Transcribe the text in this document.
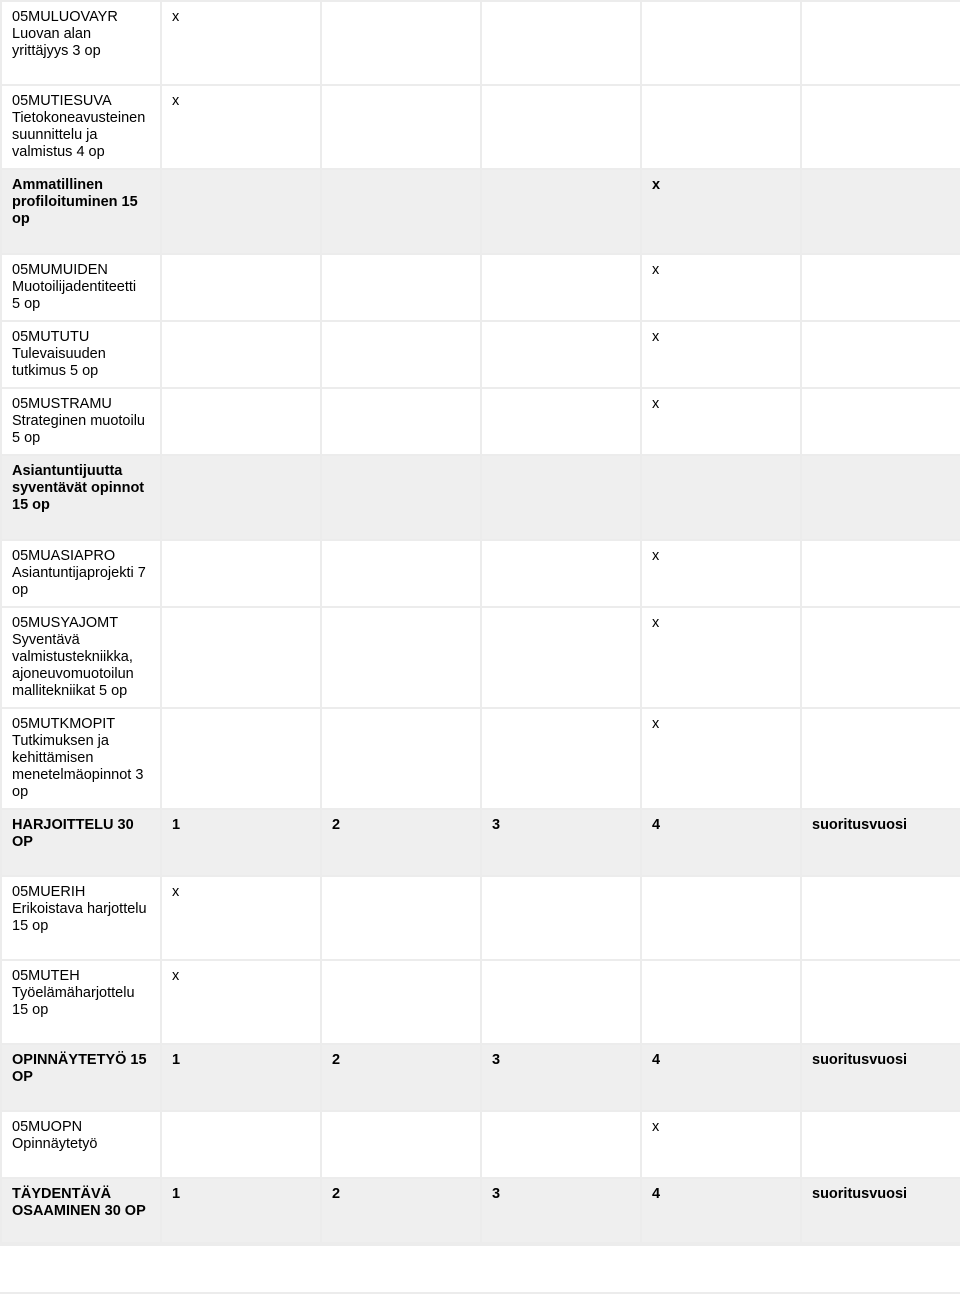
05MULUOVAYR
Luovan alan
yrittäjyys 3 op	x				

05MUTIESUVA
Tietokoneavusteinen
suunnittelu ja
valmistus 4 op	x				

Ammatillinen
profiloituminen 15
op				x	

05MUMUIDEN
Muotoilijadentiteetti
5 op				x	

05MUTUTU
Tulevaisuuden
tutkimus 5 op				x	

05MUSTRAMU
Strateginen muotoilu
5 op				x	

Asiantuntijuutta
syventävät opinnot
15 op					

05MUASIAPRO
Asiantuntijaprojekti 7
op				x	

05MUSYAJOMT
Syventävä
valmistustekniikka,
ajoneuvomuotoilun
mallitekniikat 5 op				x	

05MUTKMOPIT
Tutkimuksen ja
kehittämisen
menetelmäopinnot 3
op				x	

HARJOITTELU 30
OP	1	2	3	4	suoritusvuosi

05MUERIH
Erikoistava harjottelu
15 op	x				

05MUTEH
Työelämäharjottelu
15 op	x				

OPINNÄYTETYÖ 15
OP	1	2	3	4	suoritusvuosi

05MUOPN
Opinnäytetyö				x	

TÄYDENTÄVÄ
OSAAMINEN 30 OP	1	2	3	4	suoritusvuosi
